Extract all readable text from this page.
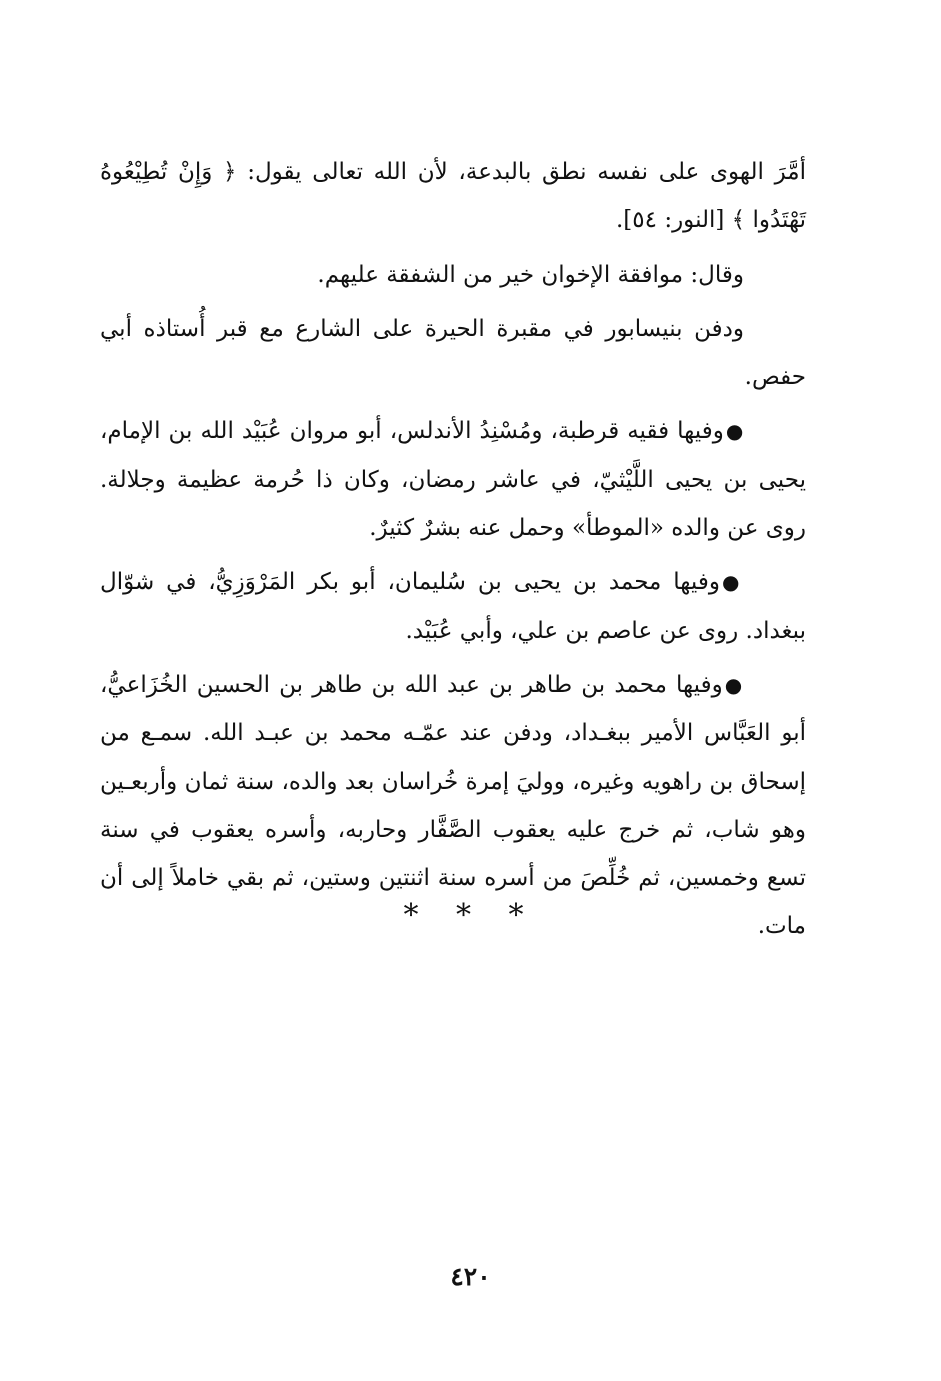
أمَّرَ الهوى على نفسه نطق بالبدعة، لأن الله تعالى يقول: ﴿ وَإِنْ تُطِيْعُوهُ تَهْتَدُوا ﴾ [النور: ٥٤].

وقال: موافقة الإخوان خير من الشفقة عليهم.

ودفن بنيسابور في مقبرة الحيرة على الشارع مع قبر أُستاذه أبي حفص.

●وفيها فقيه قرطبة، ومُسْنِدُ الأندلس، أبو مروان عُبَيْد الله بن الإمام، يحيى بن يحيى اللَّيْثيّ، في عاشر رمضان، وكان ذا حُرمة عظيمة وجلالة. روى عن والده «الموطأ» وحمل عنه بشرٌ كثيرٌ.

●وفيها محمد بن يحيى بن سُليمان، أبو بكر المَرْوَزِيُّ، في شوّال ببغداد. روى عن عاصم بن علي، وأبي عُبَيْد.

●وفيها محمد بن طاهر بن عبد الله بن طاهر بن الحسين الخُزَاعيُّ، أبو العَبَّاس الأمير ببغـداد، ودفن عند عمّـه محمد بن عبـد الله. سمـع من إسحاق بن راهويه وغيره، ووليَ إمرة خُراسان بعد والده، سنة ثمان وأربعـين وهو شاب، ثم خرج عليه يعقوب الصَّفَّار وحاربه، وأسره يعقوب في سنة تسع وخمسين، ثم خُلِّصَ من أسره سنة اثنتين وستين، ثم بقي خاملاً إلى أن مات.

* * *
٤٢٠
